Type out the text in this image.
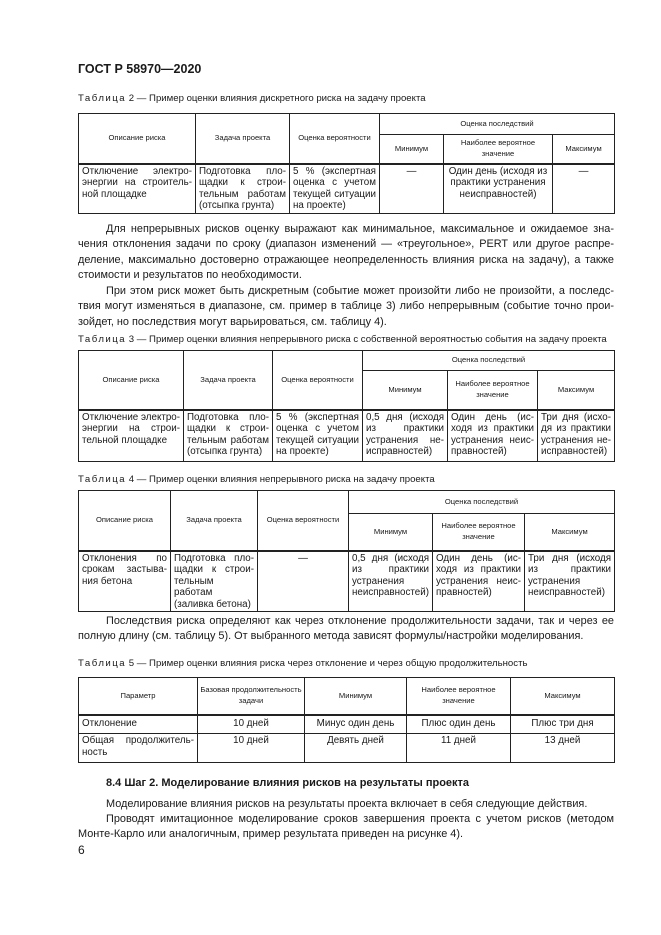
ГОСТ Р 58970—2020
Таблица 2 — Пример оценки влияния дискретного риска на задачу проекта
Описание риска	Задача проекта	Оценка вероятности	Оценка последствий		
			Минимум	Наиболее вероятное значение	Максимум
Отключение электроэнергии на строительной площадке	Подготовка площадки к строительным работам (отсыпка грунта)	5 % (экспертная оценка с учетом текущей ситуации на проекте)	—	Один день (исходя из практики устранения неисправностей)	—

Для непрерывных рисков оценку выражают как минимальное, максимальное и ожидаемое значения отклонения задачи по сроку (диапазон изменений — «треугольное», PERT или другое распределение, максимально достоверно отражающее неопределенность влияния риска на задачу), а также стоимости и результатов по необходимости.

При этом риск может быть дискретным (событие может произойти либо не произойти, а последствия могут изменяться в диапазоне, см. пример в таблице 3) либо непрерывным (событие точно произойдет, но последствия могут варьироваться, см. таблицу 4).

Таблица 3 — Пример оценки влияния непрерывного риска с собственной вероятностью события на задачу проекта
Описание риска	Задача проекта	Оценка вероятности	Оценка последствий		
			Минимум	Наиболее вероятное значение	Максимум
Отключение электроэнергии на строительной площадке	Подготовка площадки к строительным работам (отсыпка грунта)	5 % (экспертная оценка с учетом текущей ситуации на проекте)	0,5 дня (исходя из практики устранения неисправностей)	Один день (исходя из практики устранения неисправностей)	Три дня (исходя из практики устранения неисправностей)
Таблица 4 — Пример оценки влияния непрерывного риска на задачу проекта
Описание риска	Задача проекта	Оценка вероятности	Оценка последствий		
			Минимум	Наиболее вероятное значение	Максимум
Отклонения по срокам застывания бетона	Подготовка площадки к строительным работам (заливка бетона)	—	0,5 дня (исходя из практики устранения неисправностей)	Один день (исходя из практики устранения неисправностей)	Три дня (исходя из практики устранения неисправностей)

Последствия риска определяют как через отклонение продолжительности задачи, так и через ее полную длину (см. таблицу 5). От выбранного метода зависят формулы/настройки моделирования.

Таблица 5 — Пример оценки влияния риска через отклонение и через общую продолжительность
Параметр	Базовая продолжительность задачи	Минимум	Наиболее вероятное значение	Максимум
Отклонение	10 дней	Минус один день	Плюс один день	Плюс три дня
Общая продолжительность	10 дней	Девять дней	11 дней	13 дней
8.4 Шаг 2. Моделирование влияния рисков на результаты проекта

Моделирование влияния рисков на результаты проекта включает в себя следующие действия.

Проводят имитационное моделирование сроков завершения проекта с учетом рисков (методом Монте-Карло или аналогичным, пример результата приведен на рисунке 4).

6
